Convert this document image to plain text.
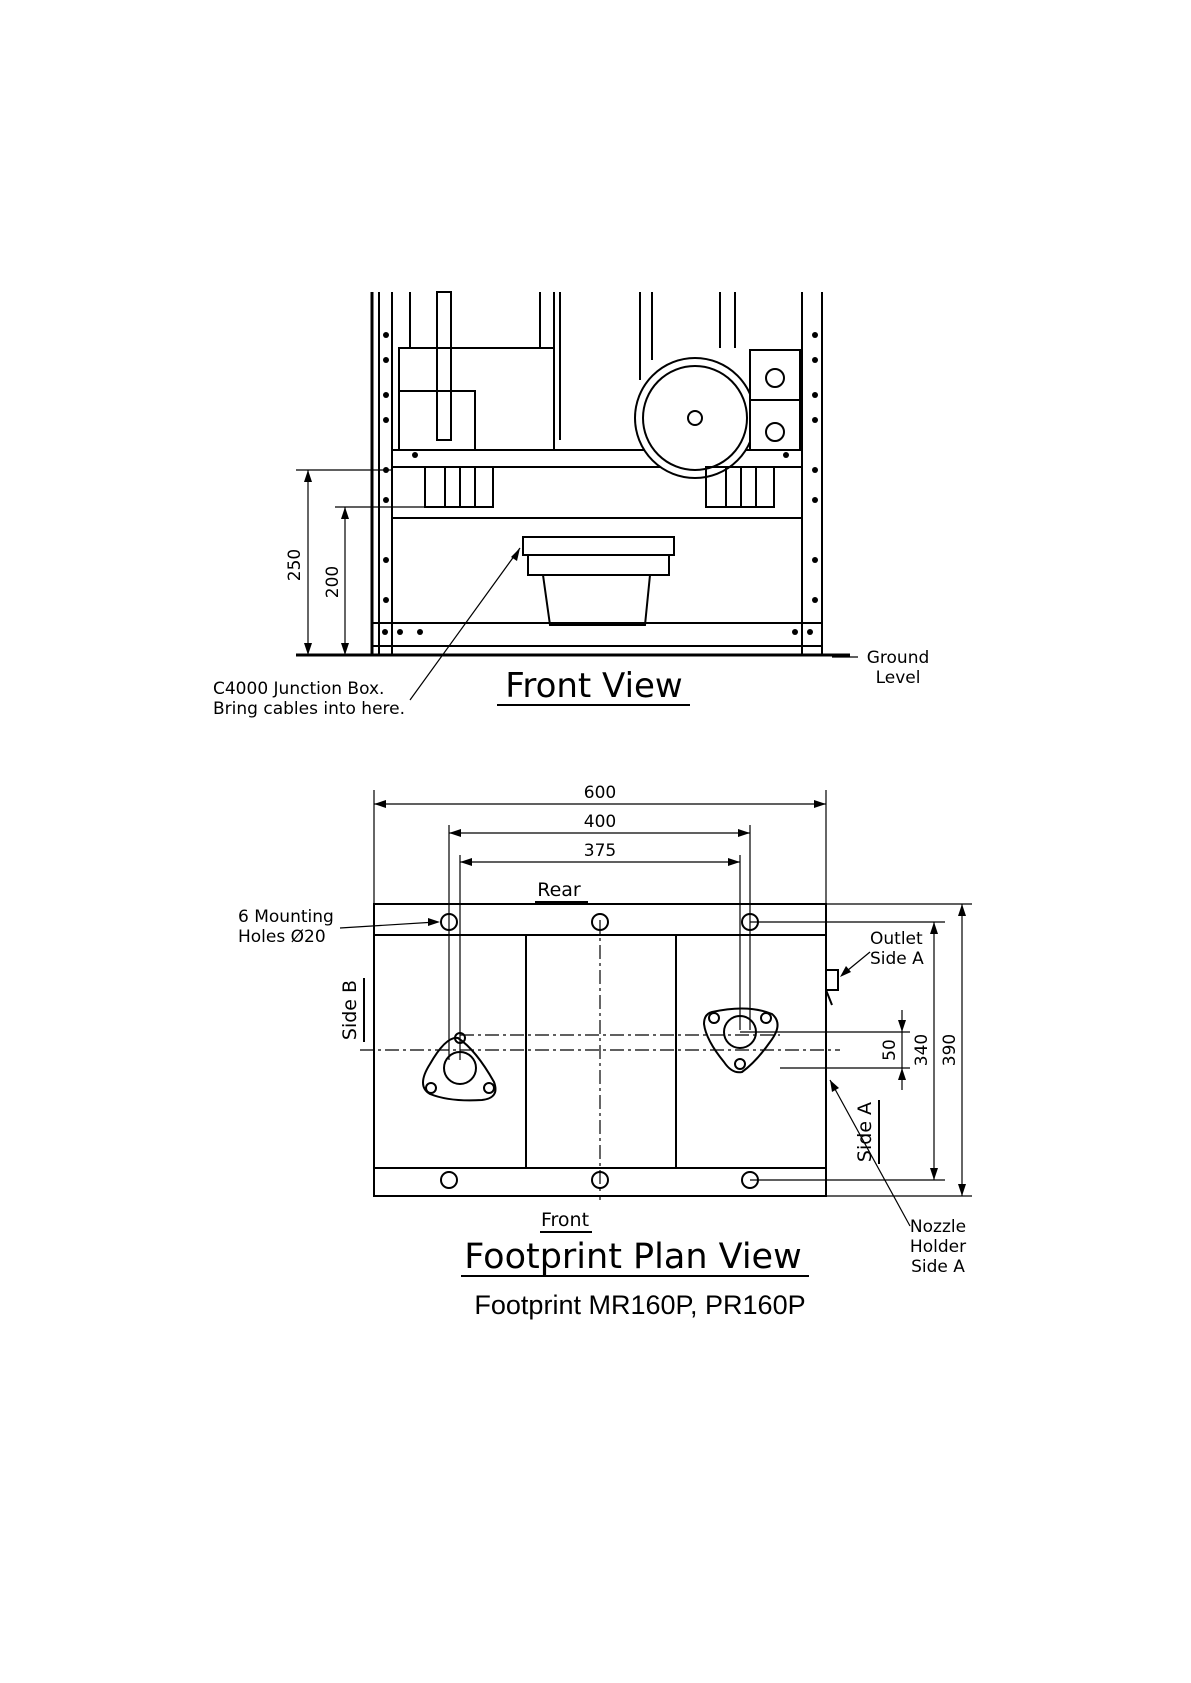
250
200
C4000 Junction Box.
Bring cables into here.
Ground
Level
Front View
600
400
375
390
340
50
Rear
Front
Side B
Side A
6 Mounting
Holes Ø20	Outlet
Side A
Nozzle
Holder
Side A
Footprint Plan View
Footprint MR160P, PR160P
